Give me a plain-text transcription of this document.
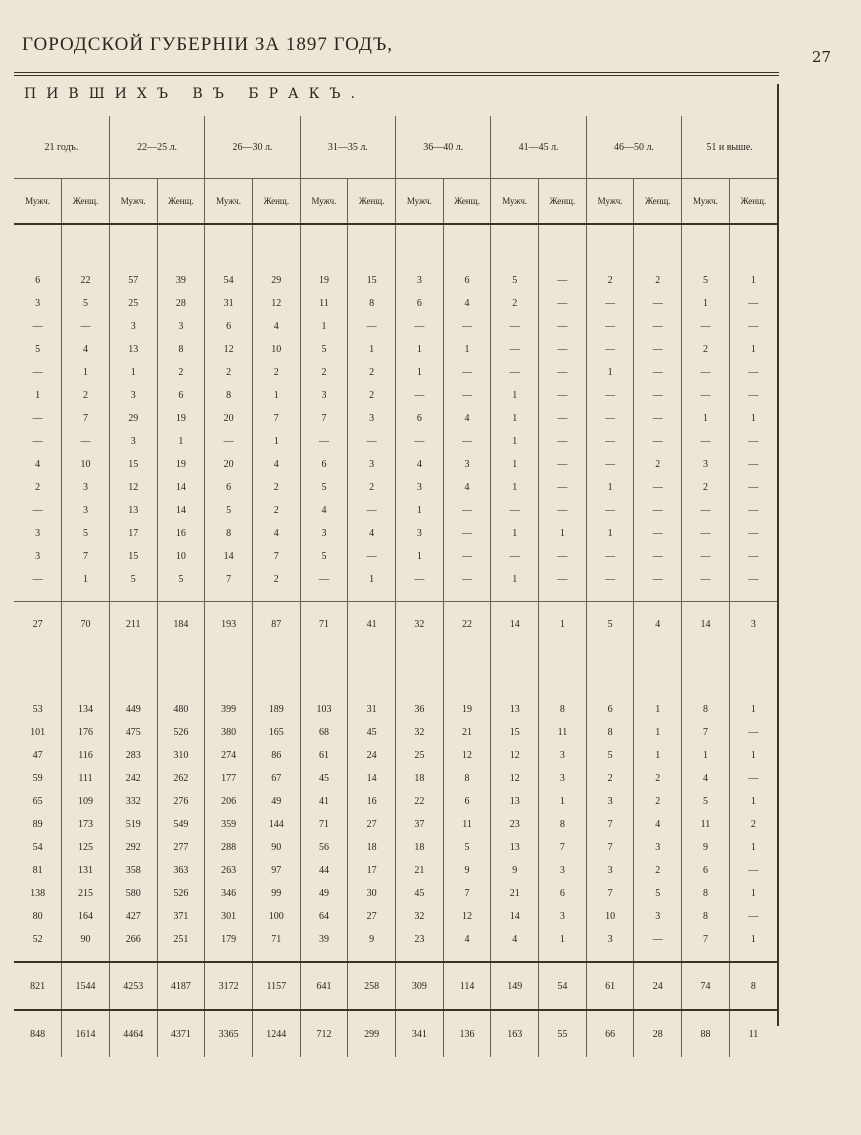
ГОРОДСКОЙ ГУБЕРНІИ ЗА 1897 ГОДЪ,
27
ПИВШИХЪ ВЪ БРАКЪ.
21 годъ.		22—25 л.		26—30 л.		31—35 л.		36—40 л.		41—45 л.		46—50 л.		51 и выше.	
Мужч.	Женщ.	Мужч.	Женщ.	Мужч.	Женщ.	Мужч.	Женщ.	Мужч.	Женщ.	Мужч.	Женщ.	Мужч.	Женщ.	Мужч.	Женщ.

6	22	57	39	54	29	19	15	3	6	5	—	2	2	5	1
3	5	25	28	31	12	11	8	6	4	2	—	—	—	1	—
—	—	3	3	6	4	1	—	—	—	—	—	—	—	—	—
5	4	13	8	12	10	5	1	1	1	—	—	—	—	2	1
—	1	1	2	2	2	2	2	1	—	—	—	1	—	—	—
1	2	3	6	8	1	3	2	—	—	1	—	—	—	—	—
—	7	29	19	20	7	7	3	6	4	1	—	—	—	1	1
—	—	3	1	—	1	—	—	—	—	1	—	—	—	—	—
4	10	15	19	20	4	6	3	4	3	1	—	—	2	3	—
2	3	12	14	6	2	5	2	3	4	1	—	1	—	2	—
—	3	13	14	5	2	4	—	1	—	—	—	—	—	—	—
3	5	17	16	8	4	3	4	3	—	1	1	1	—	—	—
3	7	15	10	14	7	5	—	1	—	—	—	—	—	—	—
—	1	5	5	7	2	—	1	—	—	1	—	—	—	—	—

27	70	211	184	193	87	71	41	32	22	14	1	5	4	14	3

53	134	449	480	399	189	103	31	36	19	13	8	6	1	8	1
101	176	475	526	380	165	68	45	32	21	15	11	8	1	7	—
47	116	283	310	274	86	61	24	25	12	12	3	5	1	1	1
59	111	242	262	177	67	45	14	18	8	12	3	2	2	4	—
65	109	332	276	206	49	41	16	22	6	13	1	3	2	5	1
89	173	519	549	359	144	71	27	37	11	23	8	7	4	11	2
54	125	292	277	288	90	56	18	18	5	13	7	7	3	9	1
81	131	358	363	263	97	44	17	21	9	9	3	3	2	6	—
138	215	580	526	346	99	49	30	45	7	21	6	7	5	8	1
80	164	427	371	301	100	64	27	32	12	14	3	10	3	8	—
52	90	266	251	179	71	39	9	23	4	4	1	3	—	7	1

821	1544	4253	4187	3172	1157	641	258	309	114	149	54	61	24	74	8
848	1614	4464	4371	3365	1244	712	299	341	136	163	55	66	28	88	11
